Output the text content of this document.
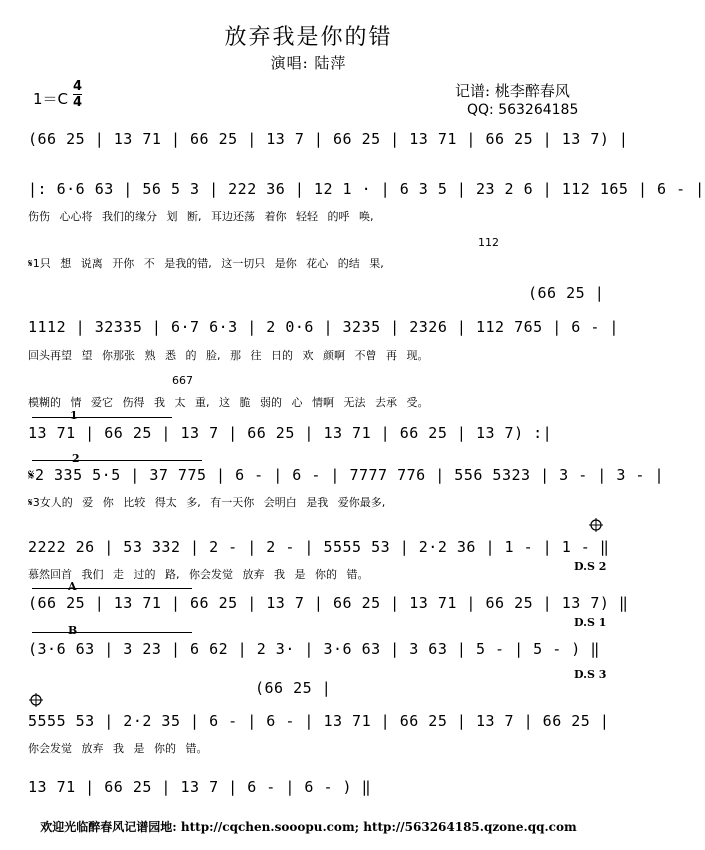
放弃我是你的错
演唱: 陆萍
1＝C
4
4
记谱: 桃李醉春风
QQ: 563264185
(66 25 | 13 71 | 66 25 | 13 7 | 66 25 | 13 71 | 66 25 | 13 7) |
|: 6·6 63 | 56 5 3 | 222 36 | 12 1 · | 6 3 5 | 23 2 6 | 112 165 | 6 - |
伤伤 心心将 我们的缘分 划 断, 耳边还荡 着你 轻轻 的呼 唤,
112
𝄋1只 想 说离 开你 不 是我的错, 这一切只 是你 花心 的结 果,
(66 25 |
1112 | 32335 | 6·7 6·3 | 2 0·6 | 3235 | 2326 | 112 765 | 6 - |
回头再望 望 你那张 熟 悉 的 脸, 那 往 日的 欢 颜啊 不曾 再 现。
667
模糊的 情 爱它 伤得 我 太 重, 这 脆 弱的 心 情啊 无法 去承 受。
1
13 71 | 66 25 | 13 7 | 66 25 | 13 71 | 66 25 | 13 7) :|
2
𝄋2 335 5·5 | 37 775 | 6 - | 6 - | 7777 776 | 556 5323 | 3 - | 3 - |
𝄋3女人的 爱 你 比较 得太 多, 有一天你 会明白 是我 爱你最多,
2222 26 | 53 332 | 2 - | 2 - | 5555 53 | 2·2 36 | 1 - | 1 - ‖
慕然回首 我们 走 过的 路, 你会发觉 放弃 我 是 你的 错。
D.S 2
A
(66 25 | 13 71 | 66 25 | 13 7 | 66 25 | 13 71 | 66 25 | 13 7) ‖
D.S 1
B
(3·6 63 | 3 23 | 6 62 | 2 3· | 3·6 63 | 3 63 | 5 - | 5 - ) ‖
D.S 3
(66 25 |
5555 53 | 2·2 35 | 6 - | 6 - | 13 71 | 66 25 | 13 7 | 66 25 |
你会发觉 放弃 我 是 你的 错。
13 71 | 66 25 | 13 7 | 6 - | 6 - ) ‖
欢迎光临醉春风记谱园地: http://cqchen.sooopu.com; http://563264185.qzone.qq.com
